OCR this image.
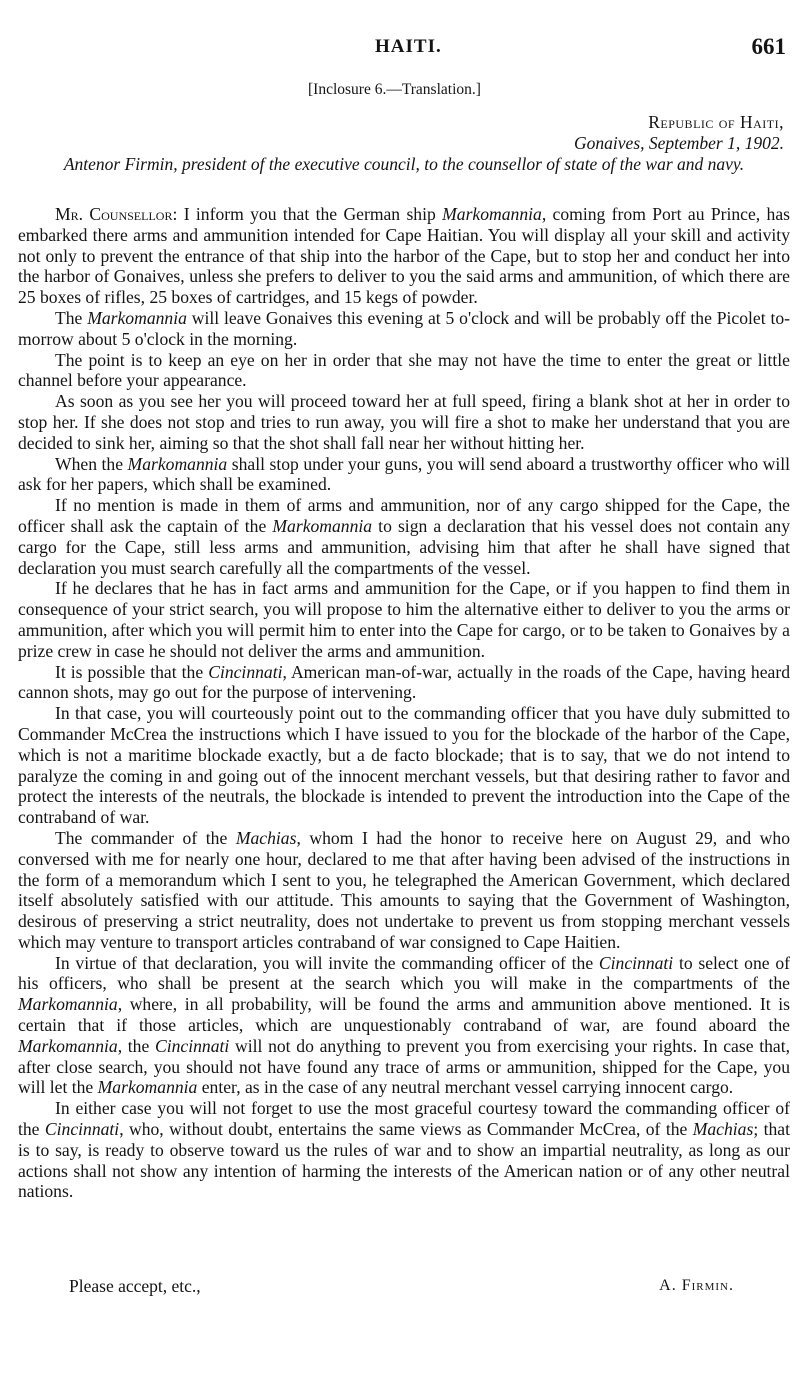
HAITI.	661
[Inclosure 6.—Translation.]
Republic of Haiti,
Gonaives, September 1, 1902.
Antenor Firmin, president of the executive council, to the counsellor of state of the war and navy.

Mr. Counsellor: I inform you that the German ship Markomannia, coming from Port au Prince, has embarked there arms and ammunition intended for Cape Haitian. You will display all your skill and activity not only to prevent the entrance of that ship into the harbor of the Cape, but to stop her and conduct her into the harbor of Gonaives, unless she prefers to deliver to you the said arms and ammunition, of which there are 25 boxes of rifles, 25 boxes of cartridges, and 15 kegs of powder.

The Markomannia will leave Gonaives this evening at 5 o'clock and will be probably off the Picolet to-morrow about 5 o'clock in the morning.

The point is to keep an eye on her in order that she may not have the time to enter the great or little channel before your appearance.

As soon as you see her you will proceed toward her at full speed, firing a blank shot at her in order to stop her. If she does not stop and tries to run away, you will fire a shot to make her understand that you are decided to sink her, aiming so that the shot shall fall near her without hitting her.

When the Markomannia shall stop under your guns, you will send aboard a trustworthy officer who will ask for her papers, which shall be examined.

If no mention is made in them of arms and ammunition, nor of any cargo shipped for the Cape, the officer shall ask the captain of the Markomannia to sign a declaration that his vessel does not contain any cargo for the Cape, still less arms and ammunition, advising him that after he shall have signed that declaration you must search carefully all the compartments of the vessel.

If he declares that he has in fact arms and ammunition for the Cape, or if you happen to find them in consequence of your strict search, you will propose to him the alternative either to deliver to you the arms or ammunition, after which you will permit him to enter into the Cape for cargo, or to be taken to Gonaives by a prize crew in case he should not deliver the arms and ammunition.

It is possible that the Cincinnati, American man-of-war, actually in the roads of the Cape, having heard cannon shots, may go out for the purpose of intervening.

In that case, you will courteously point out to the commanding officer that you have duly submitted to Commander McCrea the instructions which I have issued to you for the blockade of the harbor of the Cape, which is not a maritime blockade exactly, but a de facto blockade; that is to say, that we do not intend to paralyze the coming in and going out of the innocent merchant vessels, but that desiring rather to favor and protect the interests of the neutrals, the blockade is intended to prevent the introduction into the Cape of the contraband of war.

The commander of the Machias, whom I had the honor to receive here on August 29, and who conversed with me for nearly one hour, declared to me that after having been advised of the instructions in the form of a memorandum which I sent to you, he telegraphed the American Government, which declared itself absolutely satisfied with our attitude. This amounts to saying that the Government of Washington, desirous of preserving a strict neutrality, does not undertake to prevent us from stopping merchant vessels which may venture to transport articles contraband of war consigned to Cape Haitien.

In virtue of that declaration, you will invite the commanding officer of the Cincinnati to select one of his officers, who shall be present at the search which you will make in the compartments of the Markomannia, where, in all probability, will be found the arms and ammunition above mentioned. It is certain that if those articles, which are unquestionably contraband of war, are found aboard the Markomannia, the Cincinnati will not do anything to prevent you from exercising your rights. In case that, after close search, you should not have found any trace of arms or ammunition, shipped for the Cape, you will let the Markomannia enter, as in the case of any neutral merchant vessel carrying innocent cargo.

In either case you will not forget to use the most graceful courtesy toward the commanding officer of the Cincinnati, who, without doubt, entertains the same views as Commander McCrea, of the Machias; that is to say, is ready to observe toward us the rules of war and to show an impartial neutrality, as long as our actions shall not show any intention of harming the interests of the American nation or of any other neutral nations.

Please accept, etc.,	A. Firmin.
